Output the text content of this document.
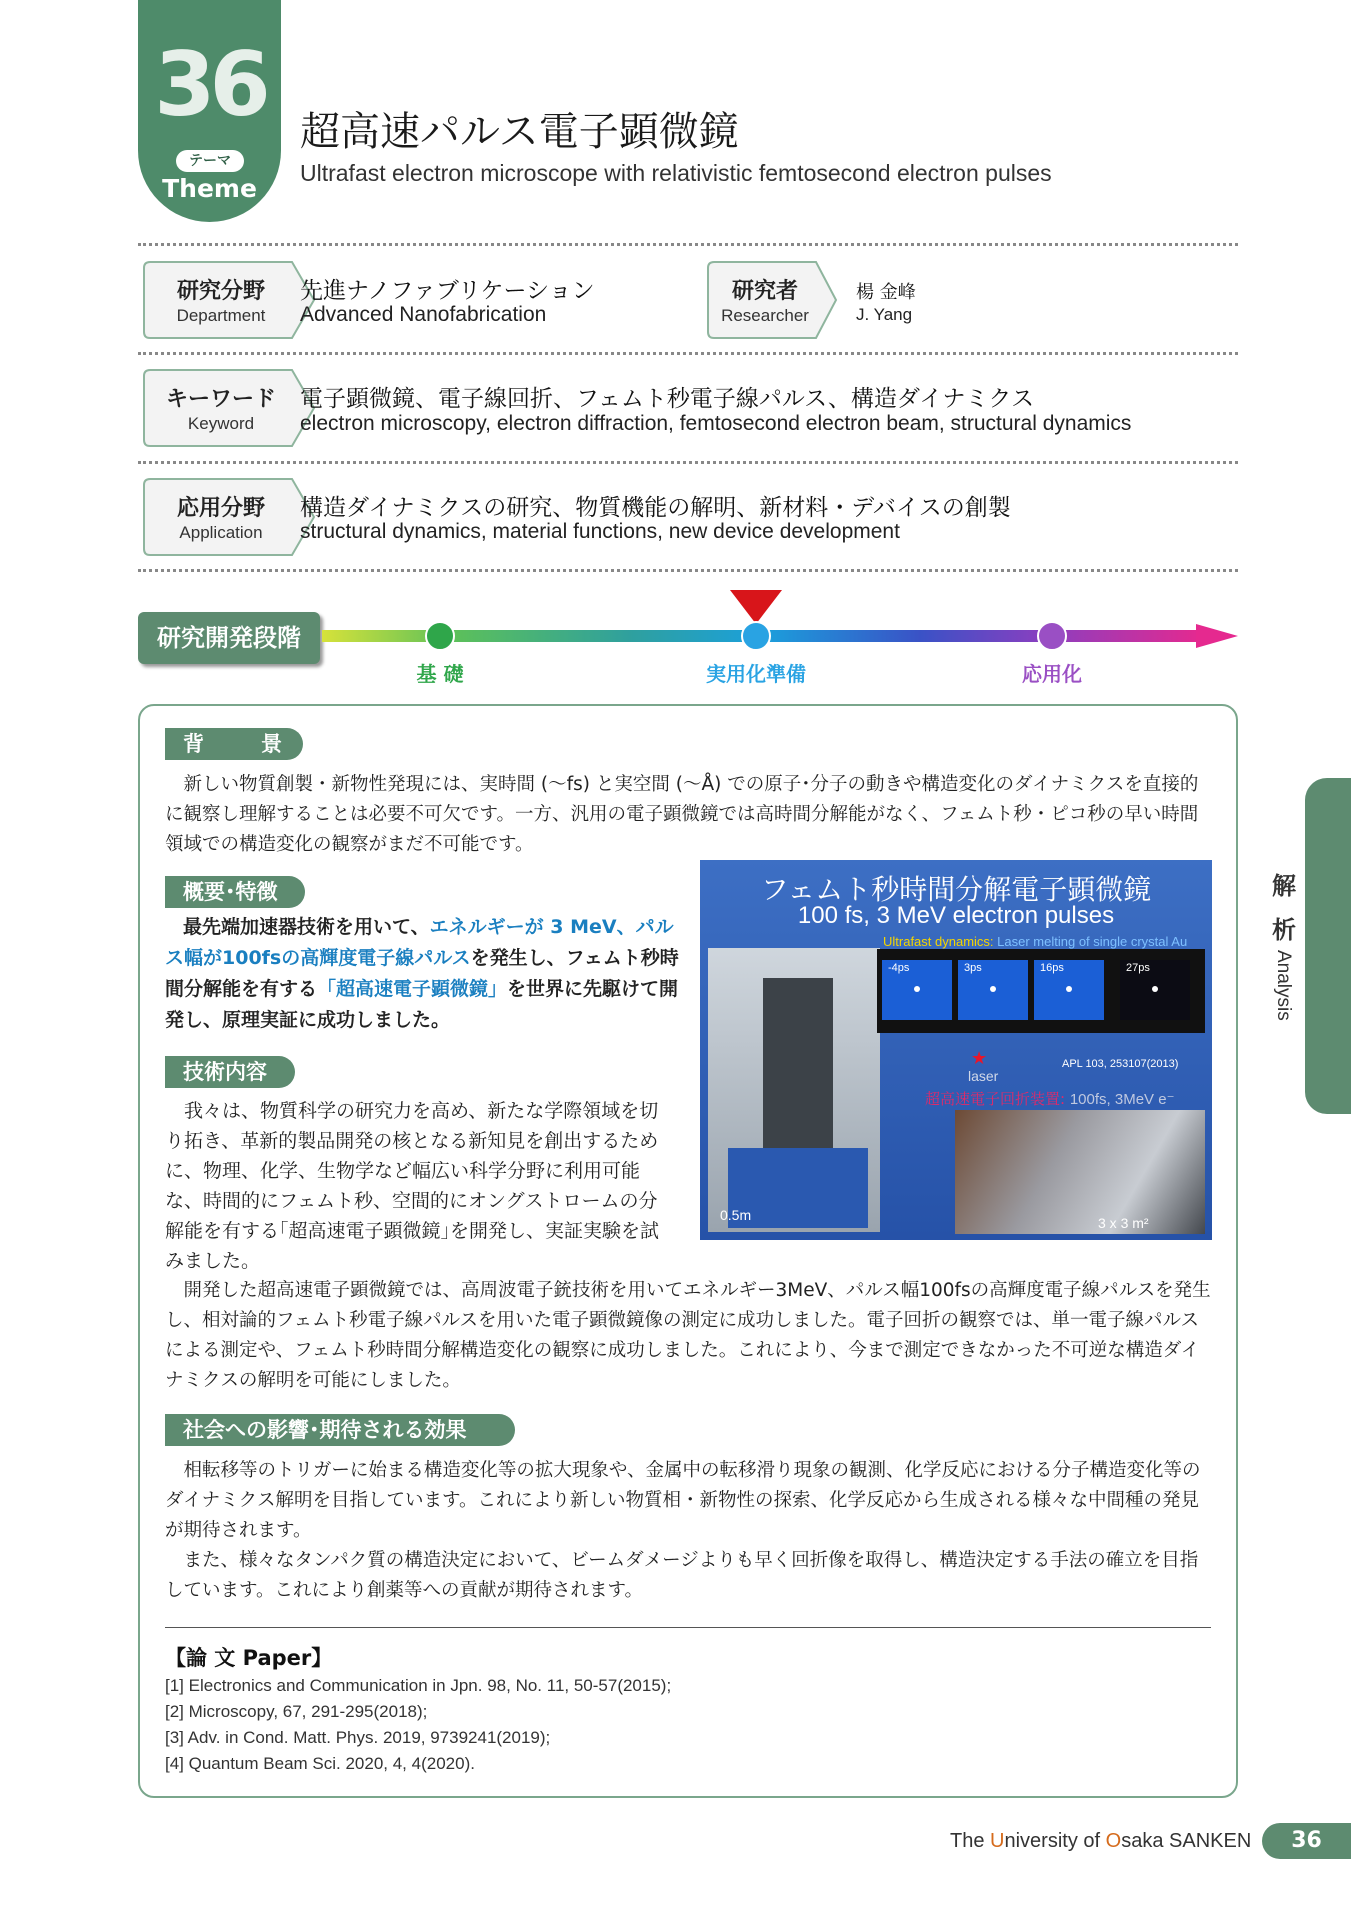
36
テーマ
Theme
超高速パルス電子顕微鏡
Ultrafast electron microscope with relativistic femtosecond electron pulses
研究分野
Department
先進ナノファブリケーション
Advanced Nanofabrication
研究者
Researcher
楊 金峰
J. Yang
キーワード
Keyword
電子顕微鏡、電子線回折、フェムト秒電子線パルス、構造ダイナミクス
electron microscopy, electron diffraction, femtosecond electron beam, structural dynamics
応用分野
Application
構造ダイナミクスの研究、物質機能の解明、新材料・デバイスの創製
structural dynamics, material functions, new device development
研究開発段階
基 礎	実用化準備	応用化
背　景
新しい物質創製・新物性発現には、実時間 (～fs) と実空間 (～Å) での原子･分子の動きや構造変化のダイナミクスを直接的に観察し理解することは必要不可欠です。一方、汎用の電子顕微鏡では高時間分解能がなく、フェムト秒・ピコ秒の早い時間領域での構造変化の観察がまだ不可能です。
概要･特徴
最先端加速器技術を用いて、エネルギーが 3 MeV、パルス幅が100fsの高輝度電子線パルスを発生し、フェムト秒時間分解能を有する「超高速電子顕微鏡」を世界に先駆けて開発し、原理実証に成功しました。
技術内容
我々は、物質科学の研究力を高め、新たな学際領域を切り拓き、革新的製品開発の核となる新知見を創出するために、物理、化学、生物学など幅広い科学分野に利用可能な、時間的にフェムト秒、空間的にオングストロームの分解能を有する｢超高速電子顕微鏡｣を開発し、実証実験を試みました。
開発した超高速電子顕微鏡では、高周波電子銃技術を用いてエネルギー3MeV、パルス幅100fsの高輝度電子線パルスを発生し、相対論的フェムト秒電子線パルスを用いた電子顕微鏡像の測定に成功しました。電子回折の観察では、単一電子線パルスによる測定や、フェムト秒時間分解構造変化の観察に成功しました。これにより、今まで測定できなかった不可逆な構造ダイナミクスの解明を可能にしました。
フェムト秒時間分解電子顕微鏡
100 fs, 3 MeV electron pulses
Ultrafast dynamics: Laser melting of single crystal Au
0.5m
-4ps	3ps	16ps	27ps
APL 103, 253107(2013)
★
laser
超高速電子回折装置: 100fs, 3MeV e⁻
3 x 3 m²
社会への影響･期待される効果
相転移等のトリガーに始まる構造変化等の拡大現象や、金属中の転移滑り現象の観測、化学反応における分子構造変化等のダイナミクス解明を目指しています。これにより新しい物質相・新物性の探索、化学反応から生成される様々な中間種の発見が期待されます。
また、様々なタンパク質の構造決定において、ビームダメージよりも早く回折像を取得し、構造決定する手法の確立を目指しています。これにより創薬等への貢献が期待されます。
【論 文 Paper】
[1] Electronics and Communication in Jpn. 98, No. 11, 50-57(2015);
[2] Microscopy, 67, 291-295(2018);
[3] Adv. in Cond. Matt. Phys. 2019, 9739241(2019);
[4] Quantum Beam Sci. 2020, 4, 4(2020).
解
析
Analysis
The University of Osaka SANKEN	36
